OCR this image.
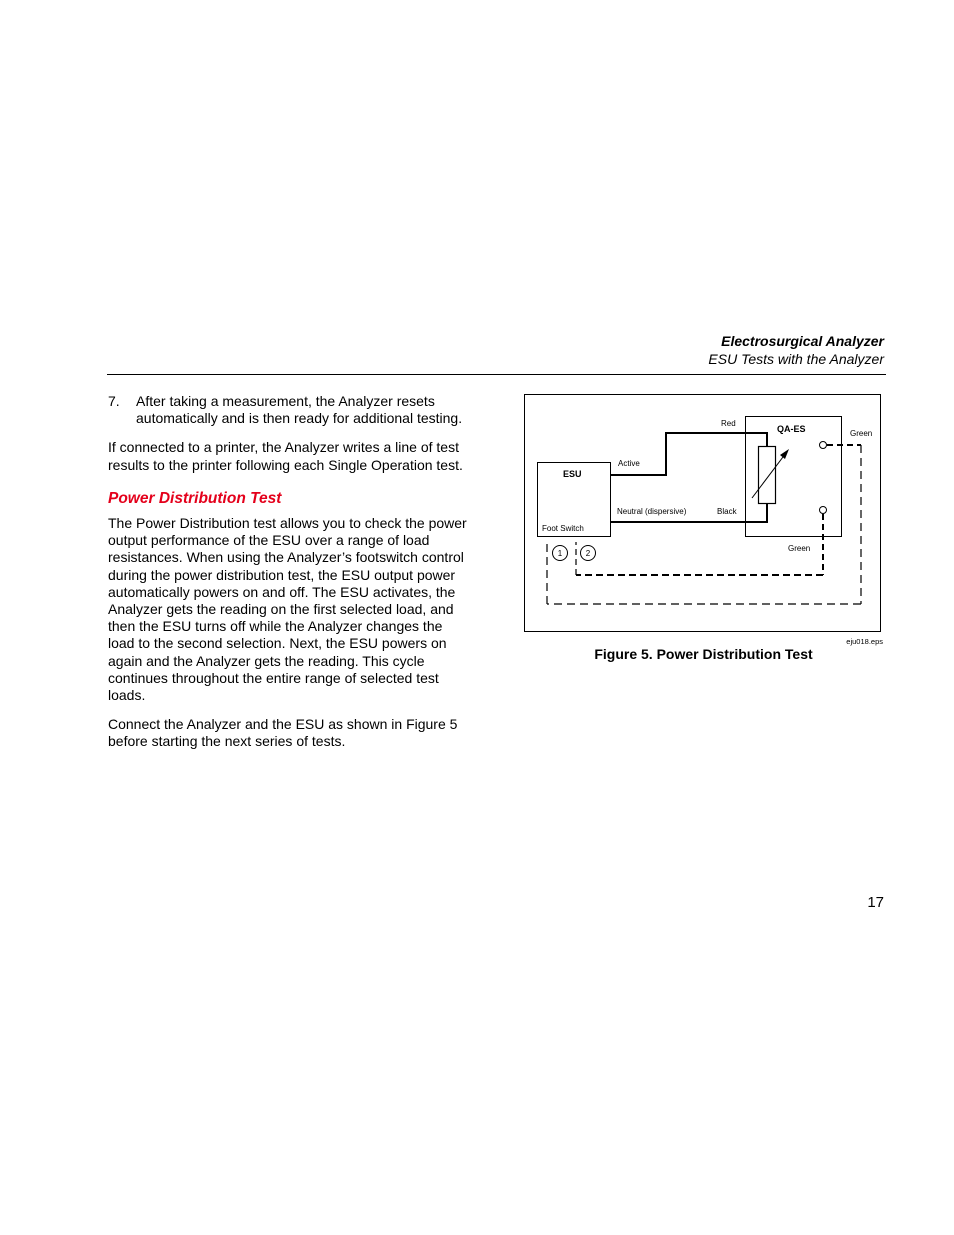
Electrosurgical Analyzer
ESU Tests with the Analyzer
7. After taking a measurement, the Analyzer resets automatically and is then ready for additional testing.

If connected to a printer, the Analyzer writes a line of test results to the printer following each Single Operation test.

Power Distribution Test

The Power Distribution test allows you to check the power output performance of the ESU over a range of load resistances. When using the Analyzer’s footswitch control during the power distribution test, the ESU output power automatically powers on and off. The ESU activates, the Analyzer gets the reading on the first selected load, and then the ESU turns off while the Analyzer changes the load to the second selection. Next, the ESU powers on again and the Analyzer gets the reading. This cycle continues throughout the entire range of selected test loads.

Connect the Analyzer and the ESU as shown in Figure 5 before starting the next series of tests.

ESU
Foot Switch
QA-ES
Active
Neutral (dispersive)
Red
Black
Green
Green
1	2
eju018.eps
Figure 5. Power Distribution Test
17
